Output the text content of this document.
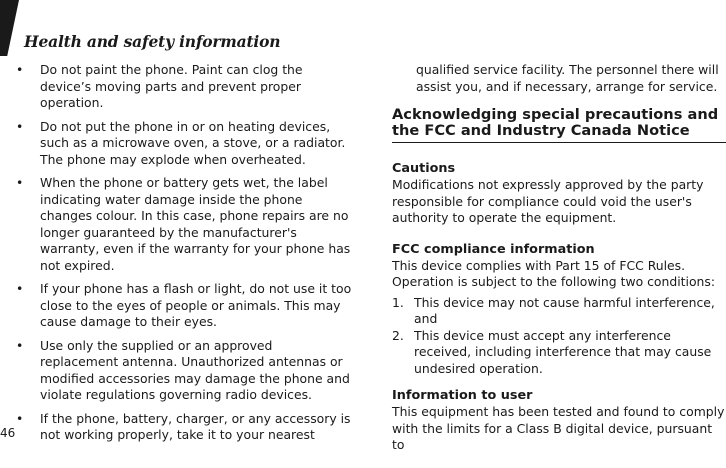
Health and safety information
• Do not paint the phone. Paint can clog the device’s moving parts and prevent proper operation.
• Do not put the phone in or on heating devices, such as a microwave oven, a stove, or a radiator. The phone may explode when overheated.
• When the phone or battery gets wet, the label indicating water damage inside the phone changes colour. In this case, phone repairs are no longer guaranteed by the manufacturer's warranty, even if the warranty for your phone has not expired.
• If your phone has a flash or light, do not use it too close to the eyes of people or animals. This may cause damage to their eyes.
• Use only the supplied or an approved replacement antenna. Unauthorized antennas or modified accessories may damage the phone and violate regulations governing radio devices.
• If the phone, battery, charger, or any accessory is not working properly, take it to your nearest

qualified service facility. The personnel there will assist you, and if necessary, arrange for service.

Acknowledging special precautions and the FCC and Industry Canada Notice
Cautions

Modifications not expressly approved by the party responsible for compliance could void the user's authority to operate the equipment.

FCC compliance information

This device complies with Part 15 of FCC Rules. Operation is subject to the following two conditions:

1. This device may not cause harmful interference, and
2. This device must accept any interference received, including interference that may cause undesired operation.
Information to user

This equipment has been tested and found to comply with the limits for a Class B digital device, pursuant to

46
